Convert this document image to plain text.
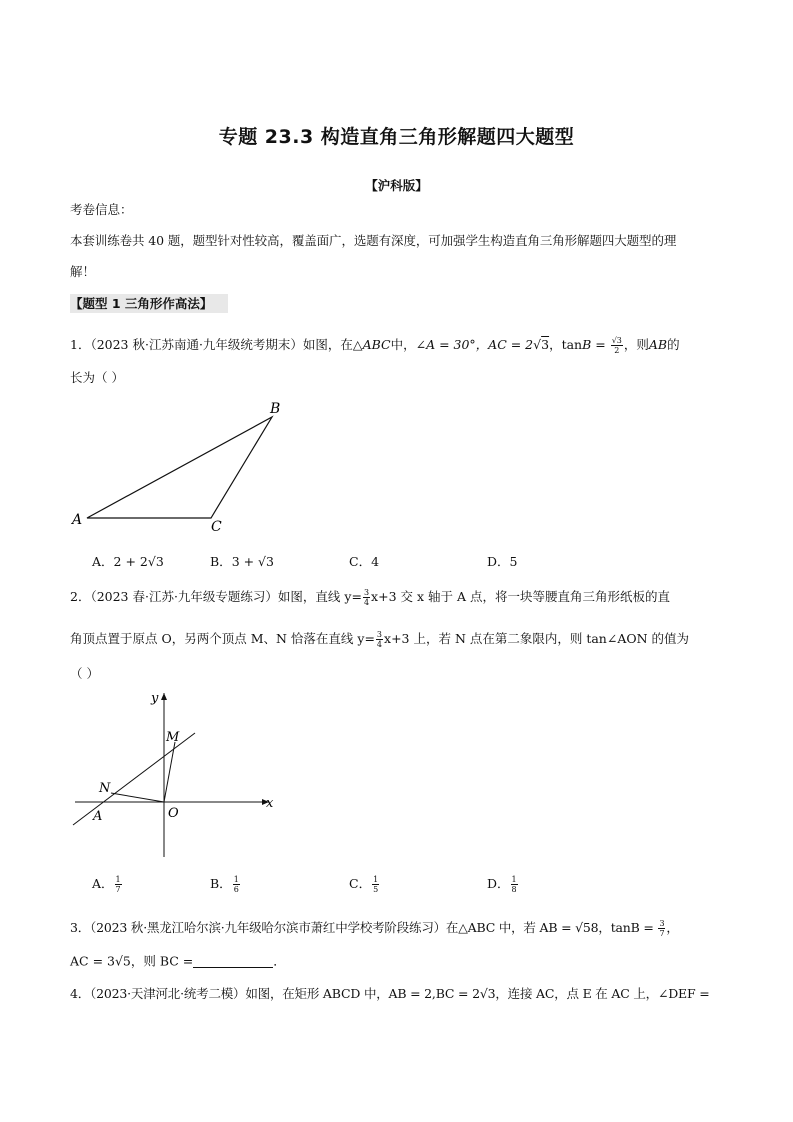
专题 23.3 构造直角三角形解题四大题型
【沪科版】
考卷信息：
本套训练卷共 40 题，题型针对性较高，覆盖面广，选题有深度，可加强学生构造直角三角形解题四大题型的理
解！
【题型 1 三角形作高法】
1．（2023 秋·江苏南通·九年级统考期末）如图，在△ABC中，∠A = 30°，AC = 2√3，$\tan B = \frac{√3}{2}$ ，则AB的
长为（ ）
A
B
C
A．2 + 2√3	B．3 + √3	C．4	D．5
2．（2023 春·江苏·九年级专题练习）如图，直线 $y= \frac{3}{4} x+3$ 交 x 轴于 A 点，将一块等腰直角三角形纸板的直
角顶点置于原点 O，另两个顶点 M、N 恰落在直线 $y= \frac{3}{4} x+3$ 上，若 N 点在第二象限内，则 tan∠AON 的值为
（ ）
y
x
M
N
A	O
A． $\frac{1}{7}$	B． $\frac{1}{6}$	C． $\frac{1}{5}$	D． $\frac{1}{8}$
3．（2023 秋·黑龙江哈尔滨·九年级哈尔滨市萧红中学校考阶段练习）在△ABC 中，若 AB = √58，$\tan B = \frac{3}{7}$ ，
AC = 3√5，则 BC =	．
4．（2023·天津河北·统考二模）如图，在矩形 ABCD 中，AB = 2,BC = 2√3，连接 AC，点 E 在 AC 上，∠DEF =
